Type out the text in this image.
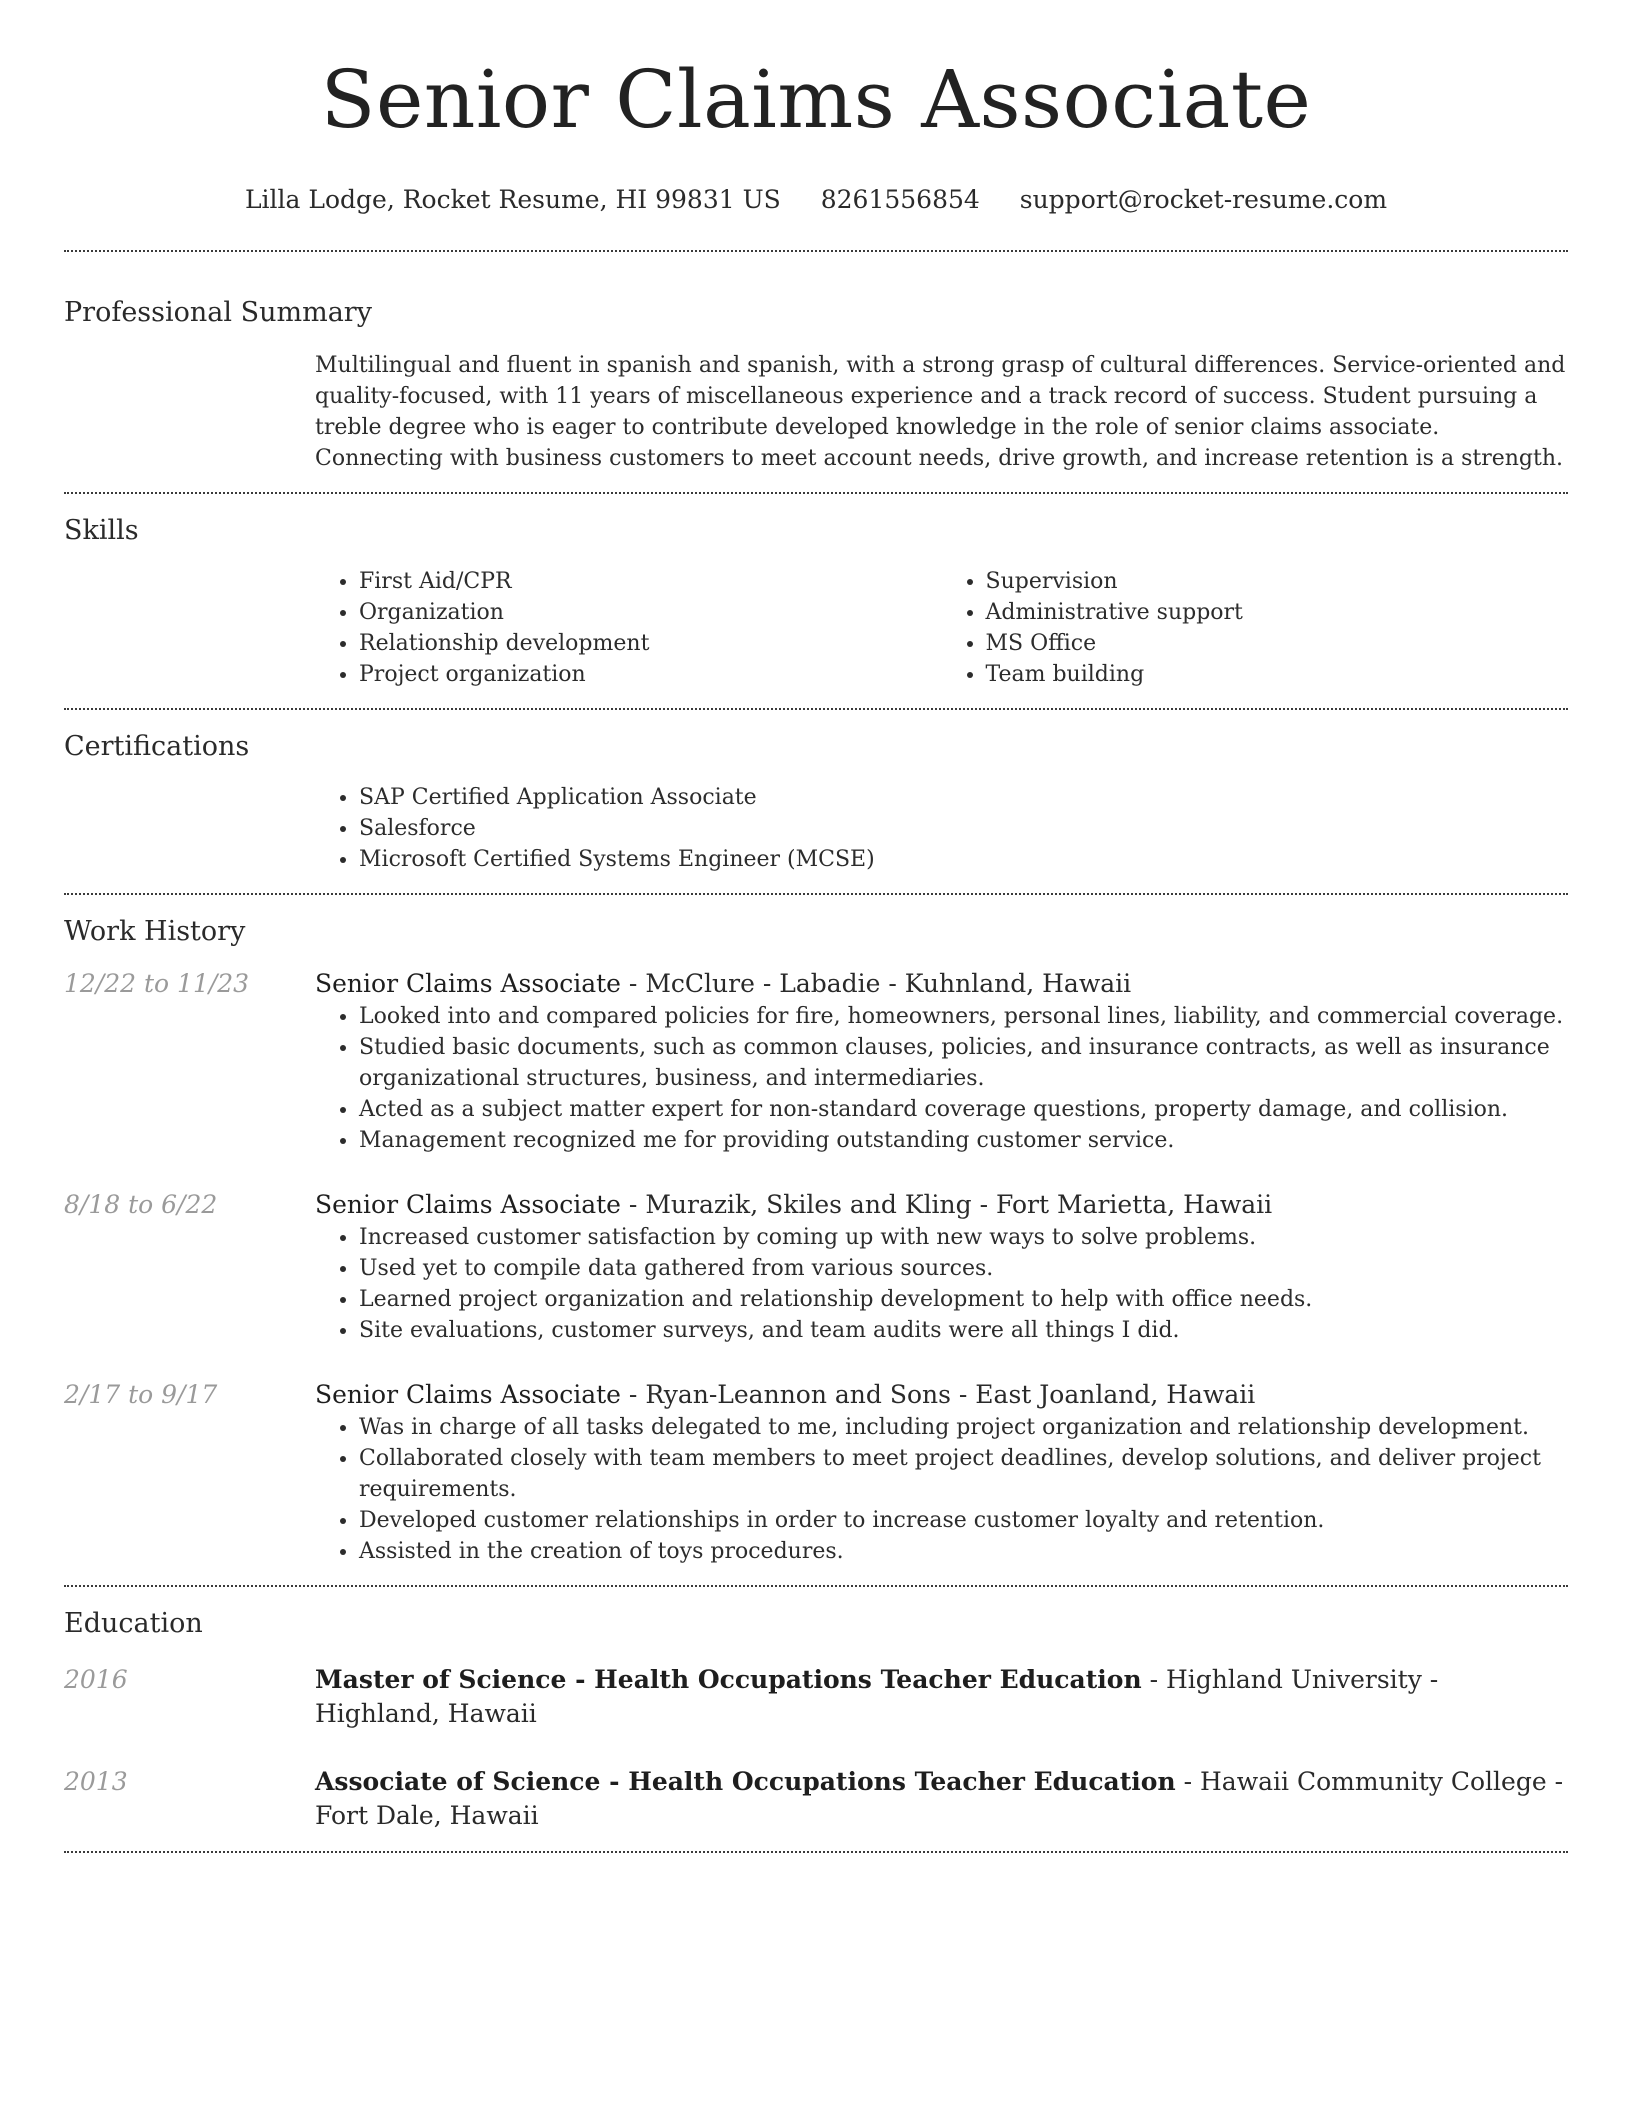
Senior Claims Associate
Lilla Lodge, Rocket Resume, HI 99831 US 8261556854 support@rocket-resume.com
Professional Summary

Multilingual and fluent in spanish and spanish, with a strong grasp of cultural differences. Service-oriented and quality-focused, with 11 years of miscellaneous experience and a track record of success. Student pursuing a treble degree who is eager to contribute developed knowledge in the role of senior claims associate. Connecting with business customers to meet account needs, drive growth, and increase retention is a strength.

Skills
• First Aid/CPR
• Organization
• Relationship development
• Project organization
• Supervision
• Administrative support
• MS Office
• Team building
Certifications
• SAP Certified Application Associate
• Salesforce
• Microsoft Certified Systems Engineer (MCSE)
Work History
12/22 to 11/23	Senior Claims Associate - McClure - Labadie - Kuhnland, Hawaii
• Looked into and compared policies for fire, homeowners, personal lines, liability, and commercial coverage.
• Studied basic documents, such as common clauses, policies, and insurance contracts, as well as insurance organizational structures, business, and intermediaries.
• Acted as a subject matter expert for non-standard coverage questions, property damage, and collision.
• Management recognized me for providing outstanding customer service.
8/18 to 6/22	Senior Claims Associate - Murazik, Skiles and Kling - Fort Marietta, Hawaii
• Increased customer satisfaction by coming up with new ways to solve problems.
• Used yet to compile data gathered from various sources.
• Learned project organization and relationship development to help with office needs.
• Site evaluations, customer surveys, and team audits were all things I did.
2/17 to 9/17	Senior Claims Associate - Ryan-Leannon and Sons - East Joanland, Hawaii
• Was in charge of all tasks delegated to me, including project organization and relationship development.
• Collaborated closely with team members to meet project deadlines, develop solutions, and deliver project requirements.
• Developed customer relationships in order to increase customer loyalty and retention.
• Assisted in the creation of toys procedures.
Education
2016	Master of Science - Health Occupations Teacher Education - Highland University - Highland, Hawaii
2013	Associate of Science - Health Occupations Teacher Education - Hawaii Community College - Fort Dale, Hawaii
